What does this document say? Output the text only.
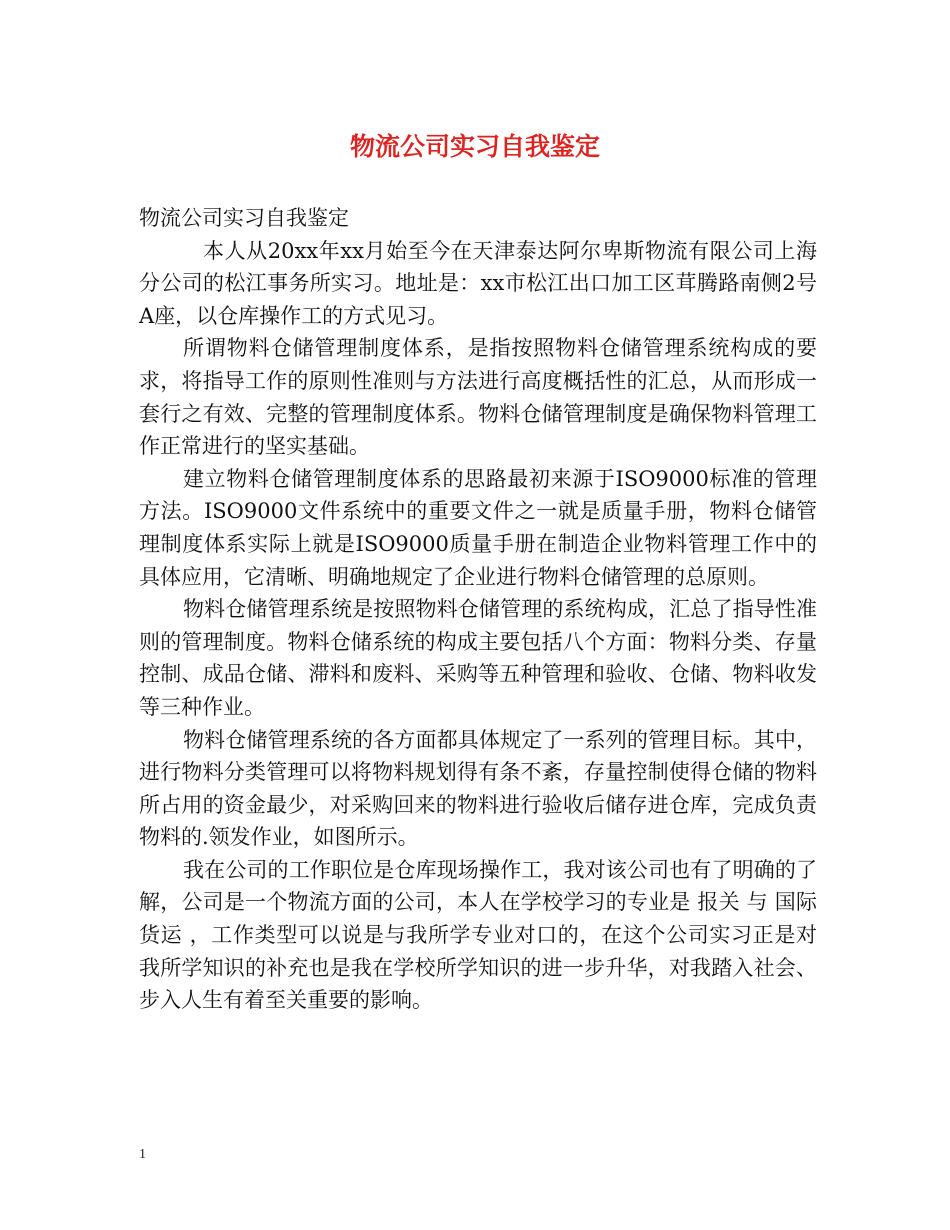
物流公司实习自我鉴定

物流公司实习自我鉴定

本人从20xx年xx月始至今在天津泰达阿尔卑斯物流有限公司上海分公司的松江事务所实习。地址是：xx市松江出口加工区茸腾路南侧2号A座，以仓库操作工的方式见习。

所谓物料仓储管理制度体系，是指按照物料仓储管理系统构成的要求，将指导工作的原则性准则与方法进行高度概括性的汇总，从而形成一套行之有效、完整的管理制度体系。物料仓储管理制度是确保物料管理工作正常进行的坚实基础。

建立物料仓储管理制度体系的思路最初来源于ISO9000标准的管理方法。ISO9000文件系统中的重要文件之一就是质量手册，物料仓储管理制度体系实际上就是ISO9000质量手册在制造企业物料管理工作中的具体应用，它清晰、明确地规定了企业进行物料仓储管理的总原则。

物料仓储管理系统是按照物料仓储管理的系统构成，汇总了指导性准则的管理制度。物料仓储系统的构成主要包括八个方面：物料分类、存量控制、成品仓储、滞料和废料、采购等五种管理和验收、仓储、物料收发等三种作业。

物料仓储管理系统的各方面都具体规定了一系列的管理目标。其中，进行物料分类管理可以将物料规划得有条不紊，存量控制使得仓储的物料所占用的资金最少，对采购回来的物料进行验收后储存进仓库，完成负责物料的.领发作业，如图所示。

我在公司的工作职位是仓库现场操作工，我对该公司也有了明确的了解，公司是一个物流方面的公司，本人在学校学习的专业是 报关 与 国际货运 ，工作类型可以说是与我所学专业对口的，在这个公司实习正是对我所学知识的补充也是我在学校所学知识的进一步升华，对我踏入社会、步入人生有着至关重要的影响。

1
